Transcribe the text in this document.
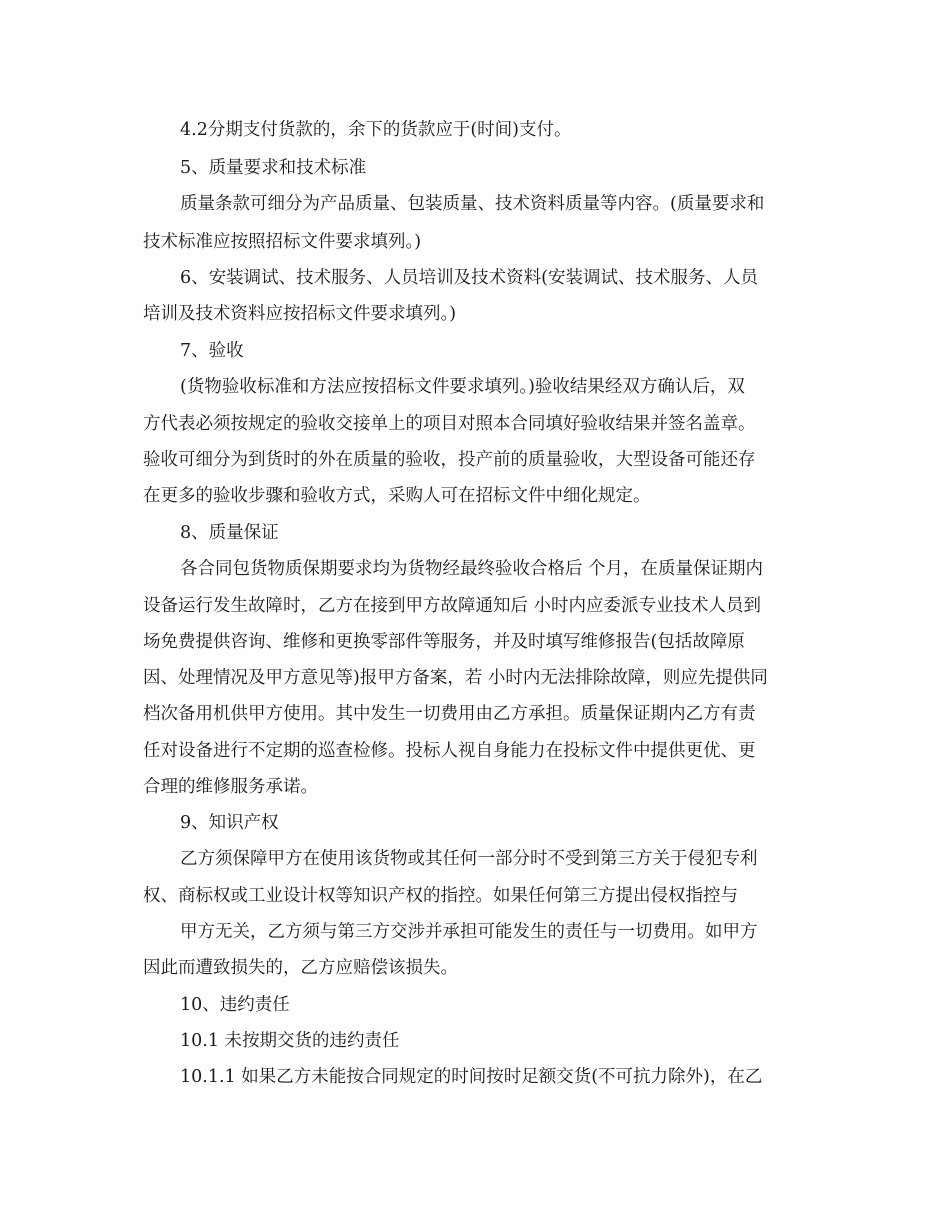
4.2分期支付货款的，余下的货款应于(时间)支付。
5、质量要求和技术标准
质量条款可细分为产品质量、包装质量、技术资料质量等内容。(质量要求和
技术标准应按照招标文件要求填列。)
6、安装调试、技术服务、人员培训及技术资料(安装调试、技术服务、人员
培训及技术资料应按招标文件要求填列。)
7、验收
(货物验收标准和方法应按招标文件要求填列。)验收结果经双方确认后，双
方代表必须按规定的验收交接单上的项目对照本合同填好验收结果并签名盖章。
验收可细分为到货时的外在质量的验收，投产前的质量验收，大型设备可能还存
在更多的验收步骤和验收方式，采购人可在招标文件中细化规定。
8、质量保证
各合同包货物质保期要求均为货物经最终验收合格后 个月，在质量保证期内
设备运行发生故障时，乙方在接到甲方故障通知后 小时内应委派专业技术人员到
场免费提供咨询、维修和更换零部件等服务，并及时填写维修报告(包括故障原
因、处理情况及甲方意见等)报甲方备案，若 小时内无法排除故障，则应先提供同
档次备用机供甲方使用。其中发生一切费用由乙方承担。质量保证期内乙方有责
任对设备进行不定期的巡查检修。投标人视自身能力在投标文件中提供更优、更
合理的维修服务承诺。
9、知识产权
乙方须保障甲方在使用该货物或其任何一部分时不受到第三方关于侵犯专利
权、商标权或工业设计权等知识产权的指控。如果任何第三方提出侵权指控与
甲方无关，乙方须与第三方交涉并承担可能发生的责任与一切费用。如甲方
因此而遭致损失的，乙方应赔偿该损失。
10、违约责任
10.1 未按期交货的违约责任
10.1.1 如果乙方未能按合同规定的时间按时足额交货(不可抗力除外)，在乙
